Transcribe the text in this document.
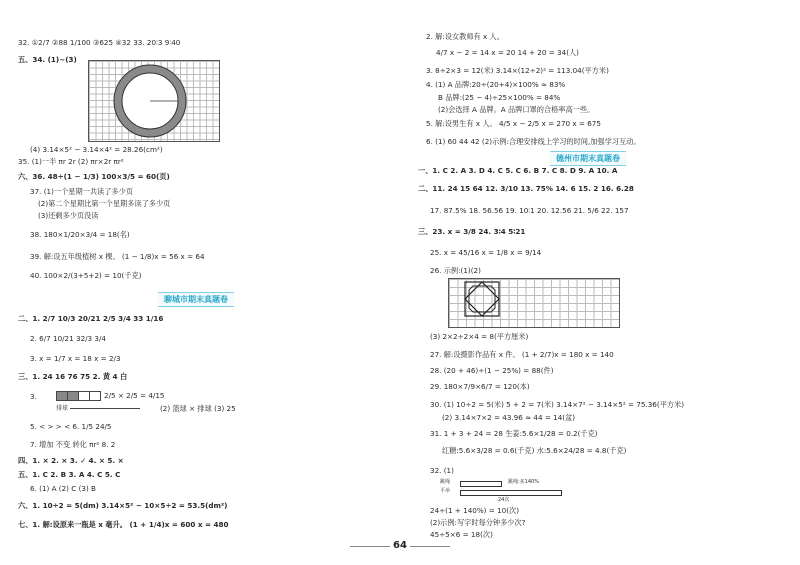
32. ①2/7 ②88 1/100 ③625 ④32 33. 20∶3 9∶40
五、34. (1)~(3)
(4) 3.14×5² − 3.14×4² = 28.26(cm²)
35. (1)一半 πr 2r (2) πr×2r πr²
六、36. 48÷(1 − 1/3) 100×3/5 = 60(页)
37. (1)一个星期一共读了多少页
(2)第二个星期比第一个星期多读了多少页
(3)还剩多少页没读
38. 180×1/20×3/4 = 18(名)
39. 解:设五年级植树 x 棵。 (1 − 1/8)x = 56 x = 64
40. 100×2/(3+5+2) = 10(千克)
聊城市期末真题卷
二、1. 2/7 10/3 20/21 2/5 3/4 33 1/16
2. 6/7 10/21 32/3 3/4
3. x = 1/7 x = 18 x = 2/3
三、1. 24 16 76 75 2. 黄 4 白
3.	2/5 × 2/5 = 4/15
排球	(2) 篮球 × 排球 (3) 25
5. < > > < 6. 1/5 24/5
7. 增加 不变 转化 πr² 8. 2
四、1. × 2. × 3. ✓ 4. × 5. ×
五、1. C 2. B 3. A 4. C 5. C
6. (1) A (2) C (3) B
六、1. 10÷2 = 5(dm) 3.14×5² − 10×5÷2 = 53.5(dm²)
七、1. 解:设原来一瓶是 x 毫升。 (1 + 1/4)x = 600 x = 480
2. 解:设女教师有 x 人。
4/7 x − 2 = 14 x = 20 14 + 20 = 34(人)
3. 8÷2×3 = 12(米) 3.14×(12÷2)² = 113.04(平方米)
4. (1) A 品牌:20÷(20+4)×100% ≈ 83%
B 品牌:(25 − 4)÷25×100% = 84%
(2)会选择 A 品牌。A 品牌口罩的合格率高一些。
5. 解:设男生有 x 人。 4/5 x − 2/5 x = 270 x = 675
6. (1) 60 44 42 (2)示例:合理安排线上学习的时间,加强学习互动。
德州市期末真题卷
一、1. C 2. A 3. D 4. C 5. C 6. B 7. C 8. D 9. A 10. A
二、11. 24 15 64 12. 3/10 13. 75% 14. 6 15. 2 16. 6.28
17. 87.5% 18. 56.56 19. 10∶1 20. 12.56 21. 5/6 22. 157
三、23. x = 3/8 24. 3∶4 5∶21
25. x = 45/16 x = 1/8 x = 9/14
26. 示例:(1)(2)
(3) 2×2÷2×4 = 8(平方厘米)
27. 解:设摄影作品有 x 件。 (1 + 2/7)x = 180 x = 140
28. (20 + 46)÷(1 − 25%) = 88(件)
29. 180×7/9×6/7 = 120(本)
30. (1) 10÷2 = 5(米) 5 + 2 = 7(米) 3.14×7² − 3.14×5² = 75.36(平方米)
(2) 3.14×7×2 = 43.96 ≈ 44 = 14(盆)
31. 1 + 3 + 24 = 28 生姜:5.6×1/28 = 0.2(千克)
红糖:5.6×3/28 = 0.6(千克) 水:5.6×24/28 = 4.8(千克)
32. (1)
跳绳
平举
跳绳:多140%
24次
24÷(1 + 140%) = 10(次)
(2)示例:写字时每分钟多少次?
45÷5×6 = 18(次)
64
